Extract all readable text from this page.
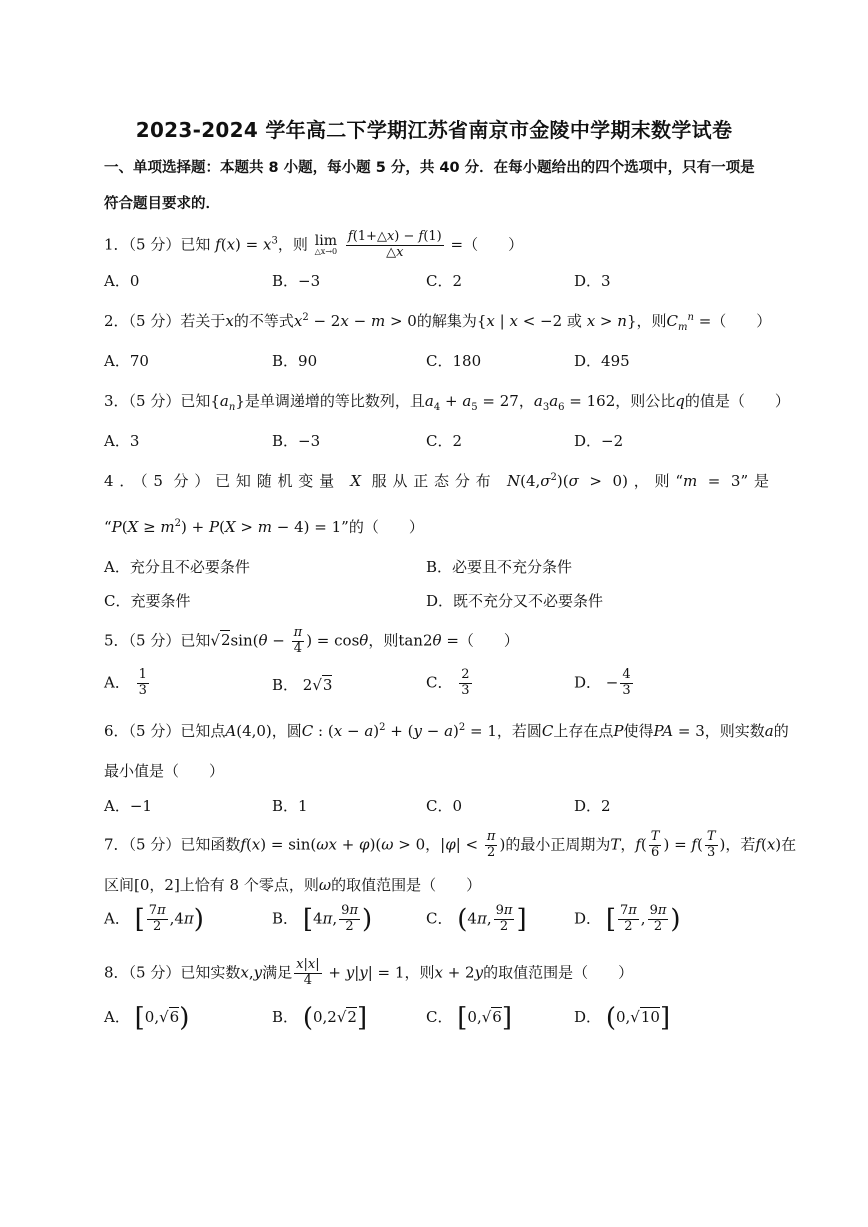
2023-2024 学年高二下学期江苏省南京市金陵中学期末数学试卷
一、单项选择题：本题共 8 小题，每小题 5 分，共 40 分．在每小题给出的四个选项中，只有一项是符合题目要求的．
1．（5 分）已知 $f(x) = x^3$，则 lim
△x→0
$\frac{f(1+\triangle x) - f(1)}{\triangle x}$ =（　　）
A．0	B．−3	C．2	D．3
2．（5 分）若关于x的不等式$x^2 - 2x - m > 0$的解集为{x | x < −2 或 x > n}，则$C_m^n$ =（　　）
A．70	B．90	C．180	D．495
3．（5 分）已知$\{a_n\}$是单调递增的等比数列，且$a_4 + a_5 = 27$，$a_3a_6 = 162$，则公比q的值是（　　）
A．3	B．−3	C．2	D．−2
4．（5 分）已知随机变量 X 服从正态分布 $N(4,\sigma^2)(\sigma > 0)$，则“m = 3”是
“$P(X \ge m^2) + P(X > m - 4) = 1$”的（　　）
A．充分且不必要条件	B．必要且不充分条件
C．充要条件	D．既不充分又不必要条件
5．（5 分）已知$√2\sin(\theta - \frac{\pi}{4}$ ) = cosθ，则tan2θ =（　　）
A． $\frac{1}{3}$	B． 2√3	C． $\frac{2}{3}$	D． − $\frac{4}{3}$
6．（5 分）已知点A(4,0)，圆C : $(x - a)^2 + (y - a)^2 = 1$，若圆C上存在点P使得PA = 3，则实数a的
最小值是（　　）
A．−1	B．1	C．0	D．2
7．（5 分）已知函数f(x) = sin(ωx + φ)(ω > 0，$|\varphi| < \frac{\pi}{2}$ )的最小正周期为T，$f( \frac{T}{6}$ ) = $f( \frac{T}{3}$ )，若f(x)在
区间[0，2]上恰有 8 个零点，则ω的取值范围是（　　）
A． [ $\frac{7\pi}{2} ,4\pi$)	B． [4π, $\frac{9\pi}{2}$ )	C． (4π, $\frac{9\pi}{2}$ ]	D． [ $\frac{7\pi}{2}$ , $\frac{9\pi}{2}$ )
8．（5 分）已知实数x,y满足 $\frac{x|x|}{4} + y|y| = 1$，则x + 2y的取值范围是（　　）
A． [0,√6)	B． (0,2√2]	C． [0,√6]	D． (0,√10]
